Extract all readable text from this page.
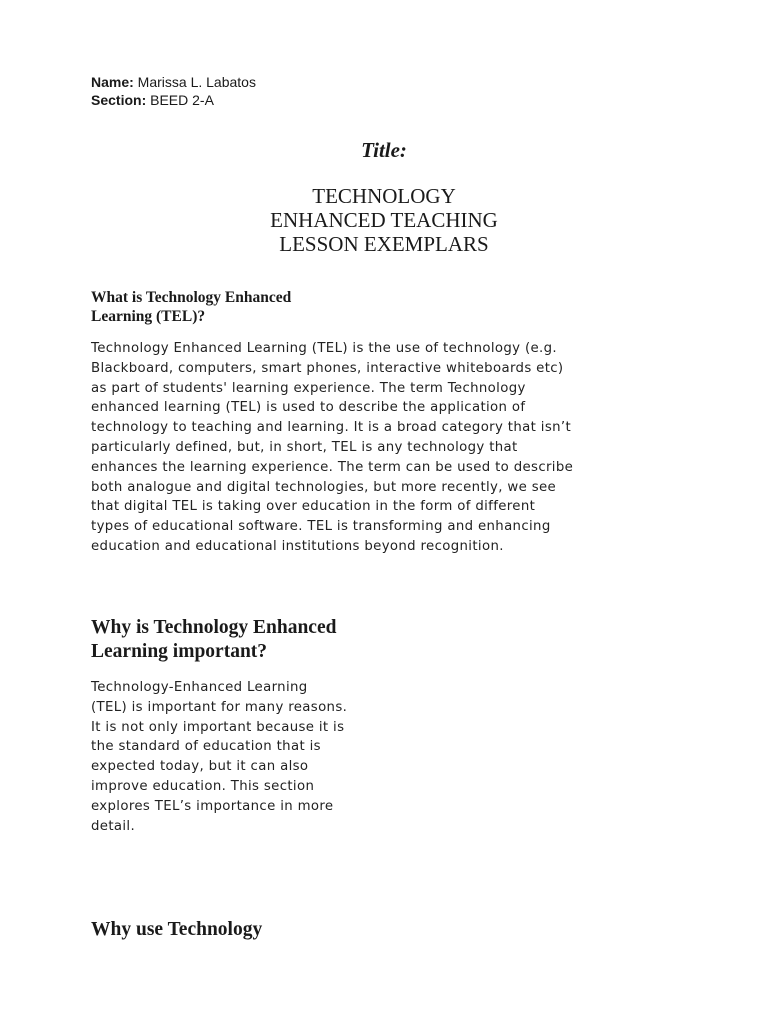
Name: Marissa L. Labatos
Section: BEED 2-A
Title:
TECHNOLOGY
ENHANCED TEACHING
LESSON EXEMPLARS
What is Technology Enhanced
Learning (TEL)?
Technology Enhanced Learning (TEL) is the use of technology (e.g.
Blackboard, computers, smart phones, interactive whiteboards etc)
as part of students' learning experience. The term Technology
enhanced learning (TEL) is used to describe the application of
technology to teaching and learning. It is a broad category that isn’t
particularly defined, but, in short, TEL is any technology that
enhances the learning experience. The term can be used to describe
both analogue and digital technologies, but more recently, we see
that digital TEL is taking over education in the form of different
types of educational software. TEL is transforming and enhancing
education and educational institutions beyond recognition.
Why is Technology Enhanced
Learning important?
Technology-Enhanced Learning
(TEL) is important for many reasons.
It is not only important because it is
the standard of education that is
expected today, but it can also
improve education. This section
explores TEL’s importance in more
detail.
Why use Technology
